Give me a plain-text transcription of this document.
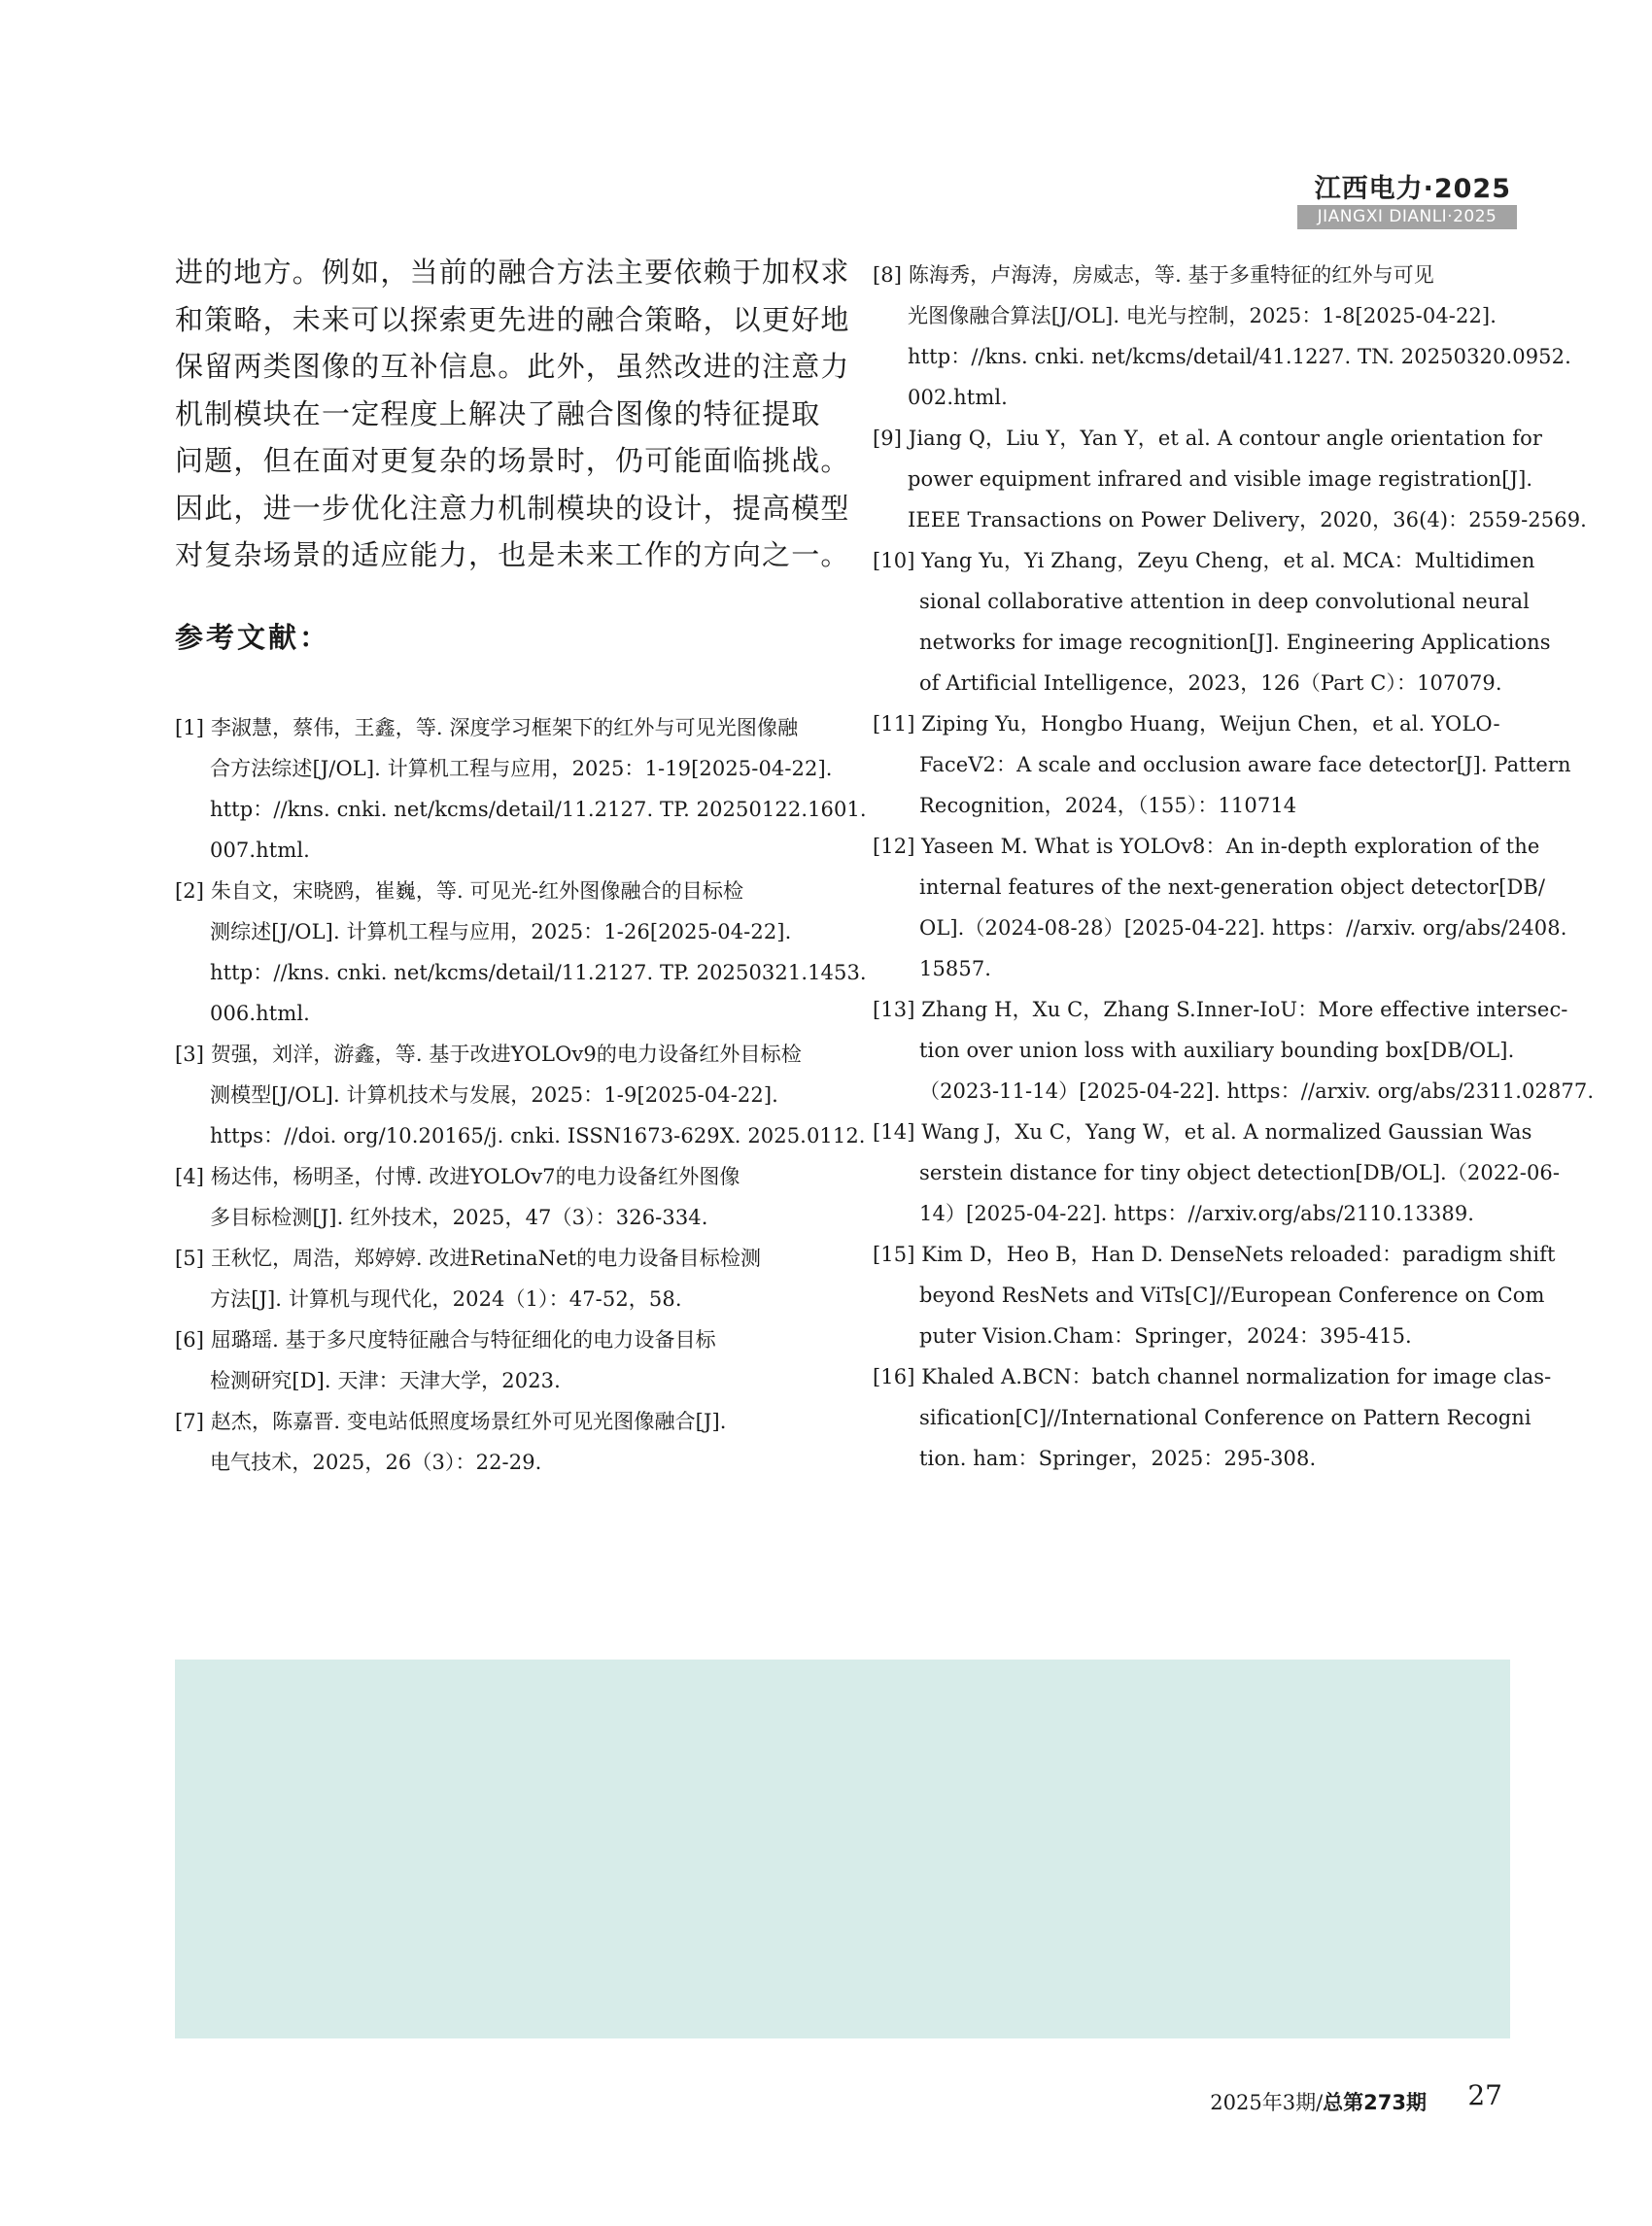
江西电力·2025
JIANGXI DIANLI·2025
进的地方。例如，当前的融合方法主要依赖于加权求
和策略，未来可以探索更先进的融合策略，以更好地
保留两类图像的互补信息。此外，虽然改进的注意力
机制模块在一定程度上解决了融合图像的特征提取
问题，但在面对更复杂的场景时，仍可能面临挑战。
因此，进一步优化注意力机制模块的设计，提高模型
对复杂场景的适应能力，也是未来工作的方向之一。
参考文献：
[1] 李淑慧，蔡伟，王鑫，等. 深度学习框架下的红外与可见光图像融
合方法综述[J/OL]. 计算机工程与应用，2025：1-19[2025-04-22].
http：//kns. cnki. net/kcms/detail/11.2127. TP. 20250122.1601.
007.html.
[2] 朱自文，宋晓鸥，崔巍，等. 可见光-红外图像融合的目标检
测综述[J/OL]. 计算机工程与应用，2025：1-26[2025-04-22].
http：//kns. cnki. net/kcms/detail/11.2127. TP. 20250321.1453.
006.html.
[3] 贺强，刘洋，游鑫，等. 基于改进YOLOv9的电力设备红外目标检
测模型[J/OL]. 计算机技术与发展，2025：1-9[2025-04-22].
https：//doi. org/10.20165/j. cnki. ISSN1673-629X. 2025.0112.
[4] 杨达伟，杨明圣，付博. 改进YOLOv7的电力设备红外图像
多目标检测[J]. 红外技术，2025，47（3）：326-334.
[5] 王秋忆，周浩，郑婷婷. 改进RetinaNet的电力设备目标检测
方法[J]. 计算机与现代化，2024（1）：47-52，58.
[6] 屈璐瑶. 基于多尺度特征融合与特征细化的电力设备目标
检测研究[D]. 天津：天津大学，2023.
[7] 赵杰，陈嘉晋. 变电站低照度场景红外可见光图像融合[J].
电气技术，2025，26（3）：22-29.
[8] 陈海秀，卢海涛，房威志，等. 基于多重特征的红外与可见
光图像融合算法[J/OL]. 电光与控制，2025：1-8[2025-04-22].
http：//kns. cnki. net/kcms/detail/41.1227. TN. 20250320.0952.
002.html.
[9] Jiang Q，Liu Y，Yan Y，et al. A contour angle orientation for
power equipment infrared and visible image registration[J].
IEEE Transactions on Power Delivery，2020，36(4)：2559-2569.
[10] Yang Yu，Yi Zhang，Zeyu Cheng，et al. MCA：Multidimen
sional collaborative attention in deep convolutional neural
networks for image recognition[J]. Engineering Applications
of Artificial Intelligence，2023，126（Part C）：107079.
[11] Ziping Yu，Hongbo Huang，Weijun Chen，et al. YOLO-
FaceV2：A scale and occlusion aware face detector[J]. Pattern
Recognition，2024，（155）：110714
[12] Yaseen M. What is YOLOv8：An in-depth exploration of the
internal features of the next-generation object detector[DB/
OL].（2024-08-28）[2025-04-22]. https：//arxiv. org/abs/2408.
15857.
[13] Zhang H，Xu C，Zhang S.Inner-IoU：More effective intersec-
tion over union loss with auxiliary bounding box[DB/OL].
（2023-11-14）[2025-04-22]. https：//arxiv. org/abs/2311.02877.
[14] Wang J，Xu C，Yang W，et al. A normalized Gaussian Was
serstein distance for tiny object detection[DB/OL].（2022-06-
14）[2025-04-22]. https：//arxiv.org/abs/2110.13389.
[15] Kim D，Heo B，Han D. DenseNets reloaded：paradigm shift
beyond ResNets and ViTs[C]//European Conference on Com
puter Vision.Cham：Springer，2024：395-415.
[16] Khaled A.BCN：batch channel normalization for image clas-
sification[C]//International Conference on Pattern Recogni
tion. ham：Springer，2025：295-308.
2025年3期/总第273期 27
